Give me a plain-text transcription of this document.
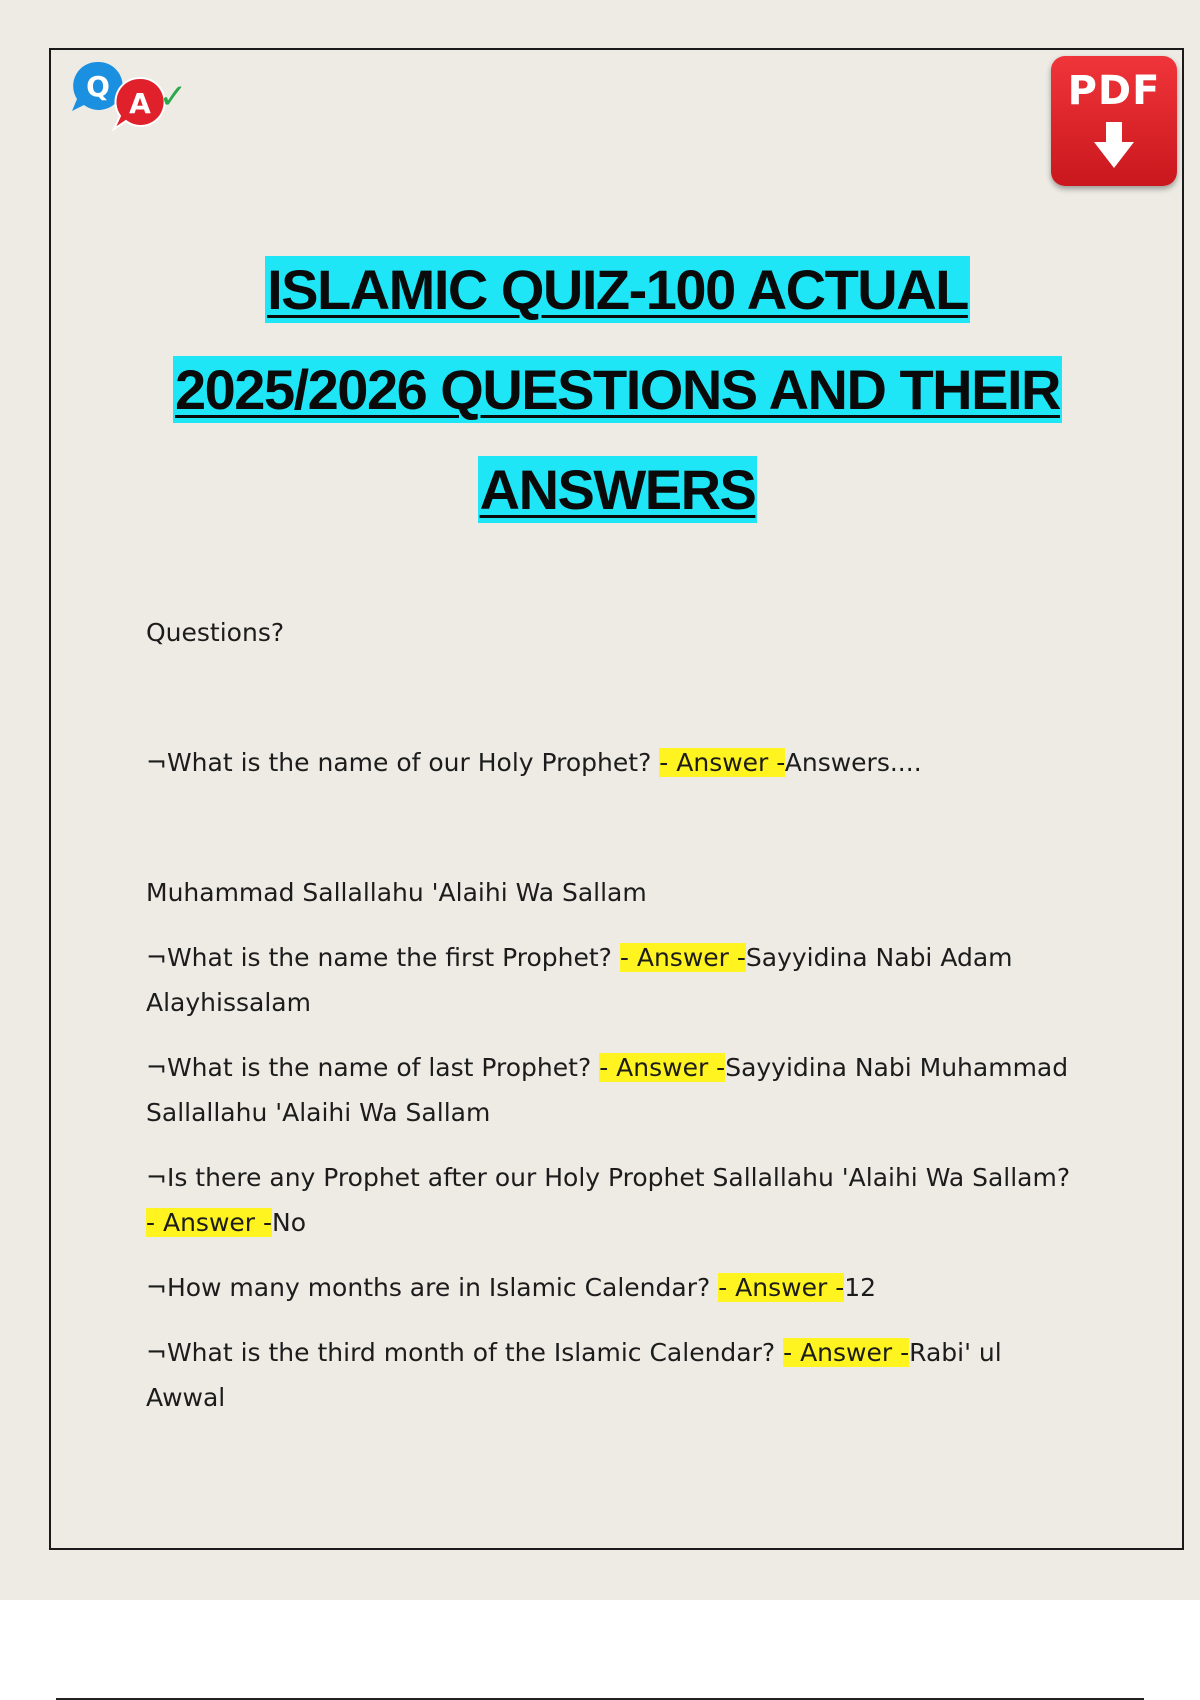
Q
A ✓	PDF
ISLAMIC QUIZ-100 ACTUAL
2025/2026 QUESTIONS AND THEIR
ANSWERS

Questions?

¬What is the name of our Holy Prophet? - Answer -Answers....

Muhammad Sallallahu 'Alaihi Wa Sallam

¬What is the name the first Prophet? - Answer -Sayyidina Nabi Adam Alayhissalam

¬What is the name of last Prophet? - Answer -Sayyidina Nabi Muhammad Sallallahu 'Alaihi Wa Sallam

¬Is there any Prophet after our Holy Prophet Sallallahu 'Alaihi Wa Sallam? - Answer -No

¬How many months are in Islamic Calendar? - Answer -12

¬What is the third month of the Islamic Calendar? - Answer -Rabi' ul Awwal
